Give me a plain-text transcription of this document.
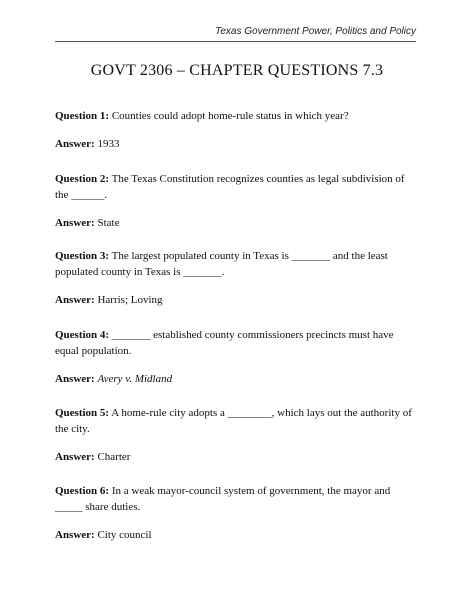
Texas Government Power, Politics and Policy
GOVT 2306 – CHAPTER QUESTIONS 7.3

Question 1: Counties could adopt home-rule status in which year?

Answer: 1933

Question 2: The Texas Constitution recognizes counties as legal subdivision of the ______.

Answer: State

Question 3: The largest populated county in Texas is _______ and the least populated county in Texas is _______.

Answer: Harris; Loving

Question 4: _______ established county commissioners precincts must have equal population.

Answer: Avery v. Midland

Question 5: A home-rule city adopts a ________, which lays out the authority of the city.

Answer: Charter

Question 6: In a weak mayor-council system of government, the mayor and _____ share duties.

Answer: City council
